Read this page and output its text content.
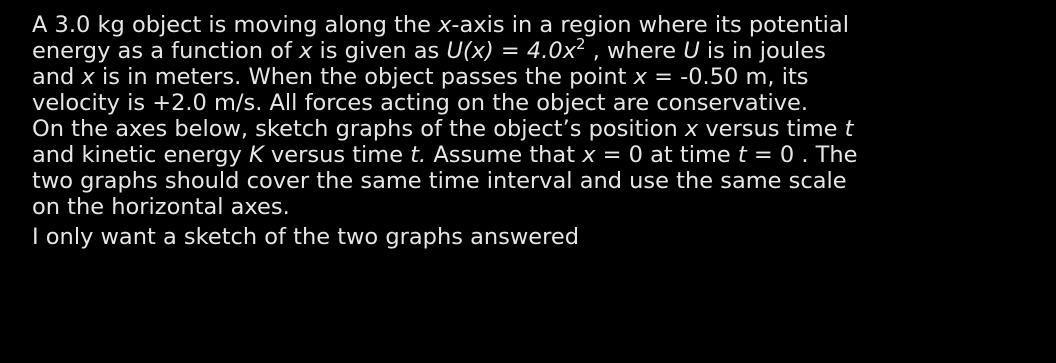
A 3.0 kg object is moving along the x-axis in a region where its potential
energy as a function of x is given as $U(x) = 4.0x^2$ , where U is in joules
and x is in meters. When the object passes the point x = -0.50 m, its
velocity is +2.0 m/s. All forces acting on the object are conservative.
On the axes below, sketch graphs of the object’s position x versus time t
and kinetic energy K versus time t. Assume that x = 0 at time t = 0 . The
two graphs should cover the same time interval and use the same scale
on the horizontal axes.
I only want a sketch of the two graphs answered
